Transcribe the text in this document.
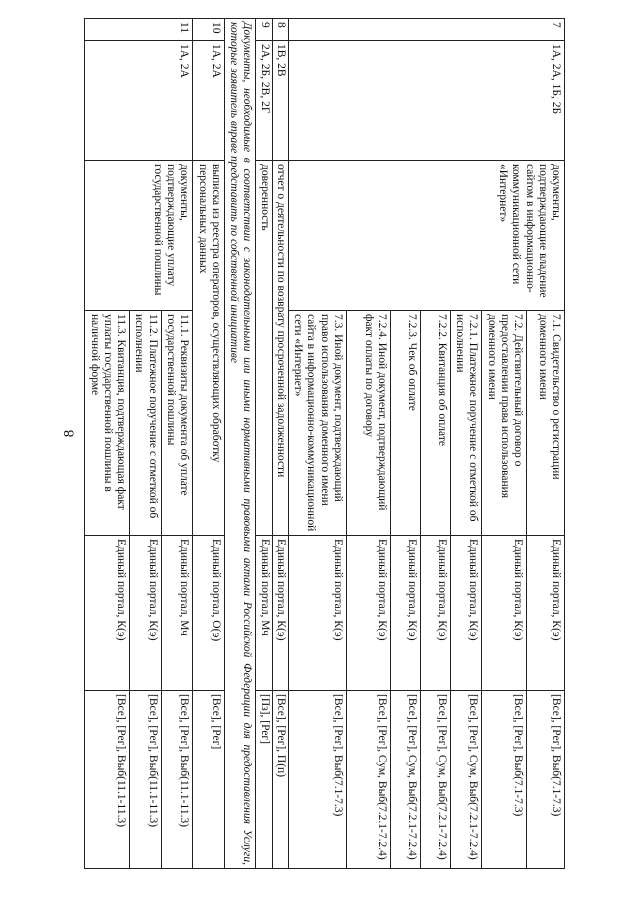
8
7	1А, 2А, 1Б, 2Б	документы, подтверждающие владение сайтом в информационно-коммуникационной сети «Интернет»	7.1. Свидетельство о регистрации доменного имени	Единый портал, К(э)	[Все], [Рег], Выб(7.1-7.3)
			7.2. Действительный договор о предоставлении права использования доменного имени	Единый портал, К(э)	[Все], [Рег], Выб(7.1-7.3)
			7.2.1. Платежное поручение с отметкой об исполнении	Единый портал, К(э)	[Все], [Рег], Сум, Выб(7.2.1-7.2.4)
			7.2.2. Квитанция об оплате	Единый портал, К(э)	[Все], [Рег], Сум, Выб(7.2.1-7.2.4)
			7.2.3. Чек об оплате	Единый портал, К(э)	[Все], [Рег], Сум, Выб(7.2.1-7.2.4)
			7.2.4. Иной документ, подтверждающий факт оплаты по договору	Единый портал, К(э)	[Все], [Рег], Сум, Выб(7.2.1-7.2.4)
			7.3. Иной документ, подтверждающий право использования доменного имени сайта в информационно-коммуникационной сети «Интернет»	Единый портал, К(э)	[Все], [Рег], Выб(7.1-7.3)
8	1В, 2В	отчет о деятельности по возврату просроченной задолженности		Единый портал, К(э)	[Все], [Рег], П(п)
9	2А, 2Б, 2В, 2Г	доверенность		Единый портал, Мч	[Пз], [Рег]
Документы, необходимые в соответствии с законодательными или иными нормативными правовыми актами Российской Федерации для предоставления Услуги, которые заявитель вправе представить по собственной инициативе					
10	1А, 2А	выписка из реестра операторов, осуществляющих обработку персональных данных		Единый портал, О(э)	[Все], [Рег]
11	1А, 2А	документы, подтверждающие уплату государственной пошлины	11.1. Реквизиты документа об уплате государственной пошлины	Единый портал, Мч	[Все], [Рег], Выб(11.1-11.3)
			11.2. Платежное поручение с отметкой об исполнении	Единый портал, К(э)	[Все], [Рег], Выб(11.1-11.3)
			11.3. Квитанция, подтверждающая факт уплаты государственной пошлины в наличной форме	Единый портал, К(э)	[Все], [Рег], Выб(11.1-11.3)
